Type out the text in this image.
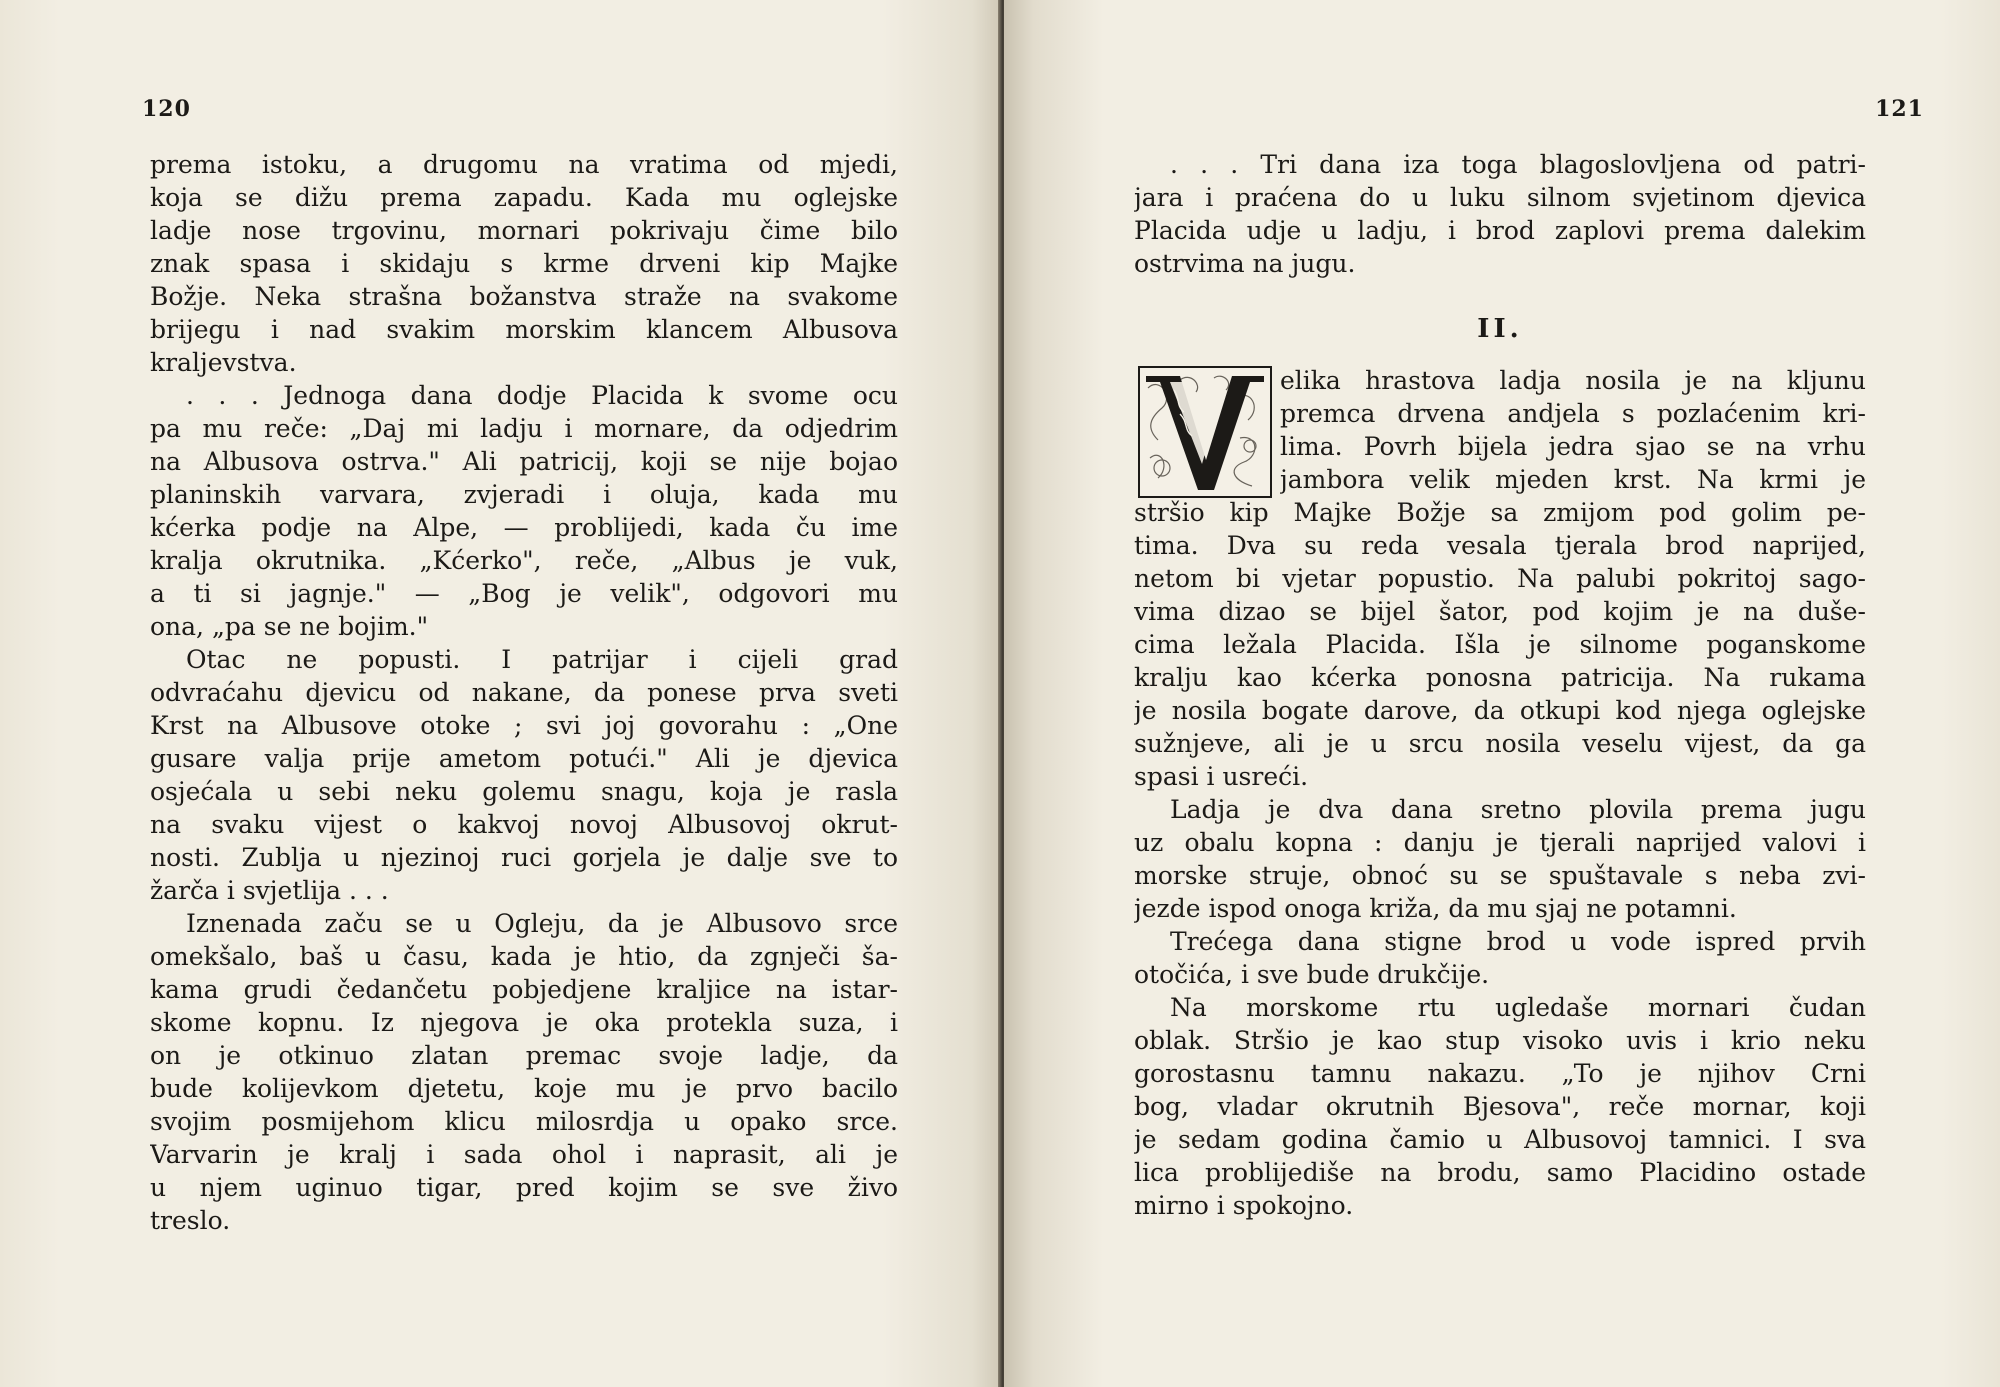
120
prema istoku, a drugomu na vratima od mjedi,
koja se dižu prema zapadu. Kada mu oglejske
ladje nose trgovinu, mornari pokrivaju čime bilo
znak spasa i skidaju s krme drveni kip Majke
Božje. Neka strašna božanstva straže na svakome
brijegu i nad svakim morskim klancem Albusova
kraljevstva.
. . . Jednoga dana dodje Placida k svome ocu
pa mu reče: „Daj mi ladju i mornare, da odjedrim
na Albusova ostrva." Ali patricij, koji se nije bojao
planinskih varvara, zvjeradi i oluja, kada mu
kćerka podje na Alpe, — problijedi, kada ču ime
kralja okrutnika. „Kćerko", reče, „Albus je vuk,
a ti si jagnje." — „Bog je velik", odgovori mu
ona, „pa se ne bojim."
Otac ne popusti. I patrijar i cijeli grad
odvraćahu djevicu od nakane, da ponese prva sveti
Krst na Albusove otoke ; svi joj govorahu : „One
gusare valja prije ametom potući." Ali je djevica
osjećala u sebi neku golemu snagu, koja je rasla
na svaku vijest o kakvoj novoj Albusovoj okrut-
nosti. Zublja u njezinoj ruci gorjela je dalje sve to
žarča i svjetlija . . .
Iznenada začu se u Ogleju, da je Albusovo srce
omekšalo, baš u času, kada je htio, da zgnječi ša-
kama grudi čedančetu pobjedjene kraljice na istar-
skome kopnu. Iz njegova je oka protekla suza, i
on je otkinuo zlatan premac svoje ladje, da
bude kolijevkom djetetu, koje mu je prvo bacilo
svojim posmijehom klicu milosrdja u opako srce.
Varvarin je kralj i sada ohol i naprasit, ali je
u njem uginuo tigar, pred kojim se sve živo
treslo.
121
. . . Tri dana iza toga blagoslovljena od patri-
jara i praćena do u luku silnom svjetinom djevica
Placida udje u ladju, i brod zaplovi prema dalekim
ostrvima na jugu.
II.
elika hrastova ladja nosila je na kljunu
premca drvena andjela s pozlaćenim kri-
lima. Povrh bijela jedra sjao se na vrhu
jambora velik mjeden krst. Na krmi je
stršio kip Majke Božje sa zmijom pod golim pe-
tima. Dva su reda vesala tjerala brod naprijed,
netom bi vjetar popustio. Na palubi pokritoj sago-
vima dizao se bijel šator, pod kojim je na duše-
cima ležala Placida. Išla je silnome poganskome
kralju kao kćerka ponosna patricija. Na rukama
je nosila bogate darove, da otkupi kod njega oglejske
sužnjeve, ali je u srcu nosila veselu vijest, da ga
spasi i usreći.
Ladja je dva dana sretno plovila prema jugu
uz obalu kopna : danju je tjerali naprijed valovi i
morske struje, obnoć su se spuštavale s neba zvi-
jezde ispod onoga križa, da mu sjaj ne potamni.
Trećega dana stigne brod u vode ispred prvih
otočića, i sve bude drukčije.
Na morskome rtu ugledaše mornari čudan
oblak. Stršio je kao stup visoko uvis i krio neku
gorostasnu tamnu nakazu. „To je njihov Crni
bog, vladar okrutnih Bjesova", reče mornar, koji
je sedam godina čamio u Albusovoj tamnici. I sva
lica problijediše na brodu, samo Placidino ostade
mirno i spokojno.
